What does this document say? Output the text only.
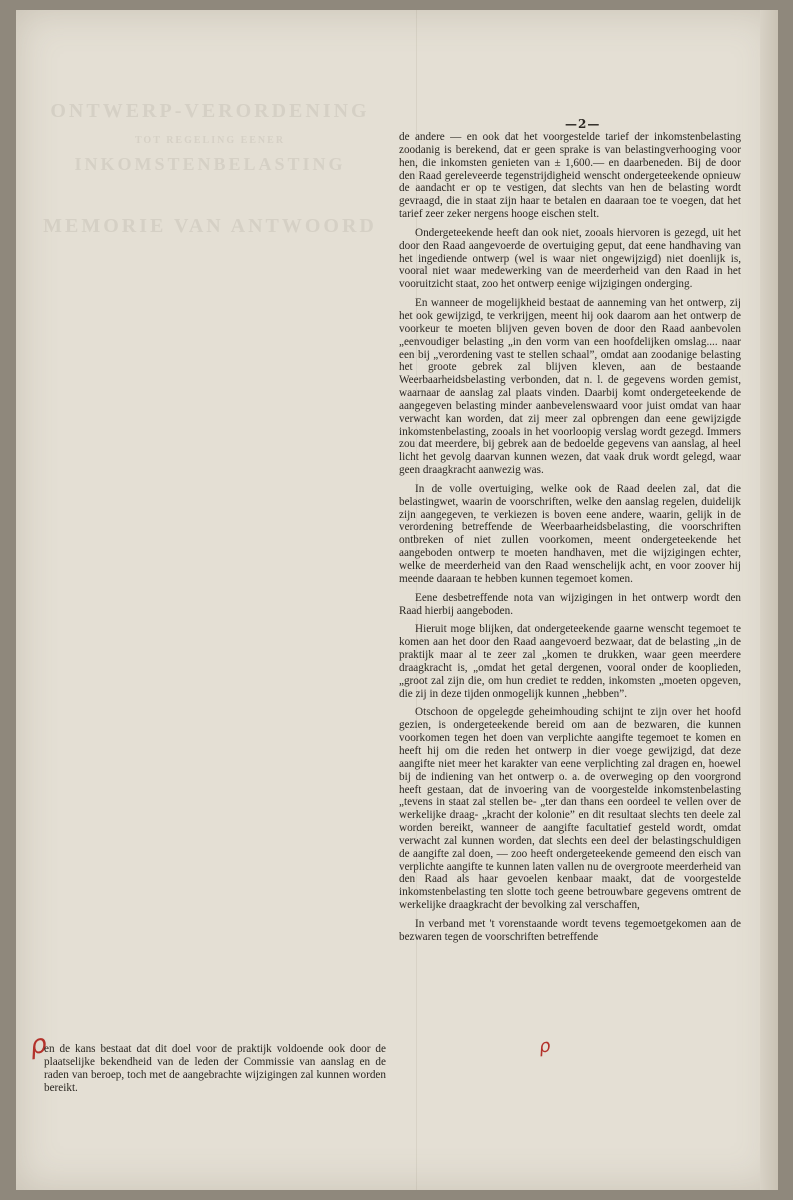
ONTWERP-VERORDENING
TOT REGELING EENER
INKOMSTENBELASTING
MEMORIE VAN ANTWOORD
—2—

de andere — en ook dat het voorgestelde tarief der inkomstenbelasting zoodanig is berekend, dat er geen sprake is van belastingverhooging voor hen, die inkomsten genieten van ± 1,600.— en daarbeneden. Bij de door den Raad gereleveerde tegenstrijdigheid wenscht ondergeteekende opnieuw de aandacht er op te vestigen, dat slechts van hen de belasting wordt gevraagd, die in staat zijn haar te betalen en daaraan toe te voegen, dat het tarief zeer zeker nergens hooge eischen stelt.

Ondergeteekende heeft dan ook niet, zooals hiervoren is gezegd, uit het door den Raad aangevoerde de overtuiging geput, dat eene handhaving van het ingediende ontwerp (wel is waar niet ongewijzigd) niet doenlijk is, vooral niet waar medewerking van de meerderheid van den Raad in het vooruitzicht staat, zoo het ontwerp eenige wijzigingen onderging.

En wanneer de mogelijkheid bestaat de aanneming van het ontwerp, zij het ook gewijzigd, te verkrijgen, meent hij ook daarom aan het ontwerp de voorkeur te moeten blijven geven boven de door den Raad aanbevolen „eenvoudiger belasting „in den vorm van een hoofdelijken omslag.... naar een bij „verordening vast te stellen schaal”, omdat aan zoodanige belasting het groote gebrek zal blijven kleven, aan de bestaande Weerbaarheidsbelasting verbonden, dat n. l. de gegevens worden gemist, waarnaar de aanslag zal plaats vinden. Daarbij komt ondergeteekende de aangegeven belasting minder aanbevelenswaard voor juist omdat van haar verwacht kan worden, dat zij meer zal opbrengen dan eene gewijzigde inkomstenbelasting, zooals in het voorloopig verslag wordt gezegd. Immers zou dat meerdere, bij gebrek aan de bedoelde gegevens van aanslag, al heel licht het gevolg daarvan kunnen wezen, dat vaak druk wordt gelegd, waar geen draagkracht aanwezig was.

In de volle overtuiging, welke ook de Raad deelen zal, dat die belastingwet, waarin de voorschriften, welke den aanslag regelen, duidelijk zijn aangegeven, te verkiezen is boven eene andere, waarin, gelijk in de verordening betreffende de Weerbaarheidsbelasting, die voorschriften ontbreken of niet zullen voorkomen, meent ondergeteekende het aangeboden ontwerp te moeten handhaven, met die wijzigingen echter, welke de meerderheid van den Raad wenschelijk acht, en voor zoover hij meende daaraan te hebben kunnen tegemoet komen.

Eene desbetreffende nota van wijzigingen in het ontwerp wordt den Raad hierbij aangeboden.

Hieruit moge blijken, dat ondergeteekende gaarne wenscht tegemoet te komen aan het door den Raad aangevoerd bezwaar, dat de belasting „in de praktijk maar al te zeer zal „komen te drukken, waar geen meerdere draagkracht is, „omdat het getal dergenen, vooral onder de kooplieden, „groot zal zijn die, om hun crediet te redden, inkomsten „moeten opgeven, die zij in deze tijden onmogelijk kunnen „hebben”.

Otschoon de opgelegde geheimhouding schijnt te zijn over het hoofd gezien, is ondergeteekende bereid om aan de bezwaren, die kunnen voorkomen tegen het doen van verplichte aangifte tegemoet te komen en heeft hij om die reden het ontwerp in dier voege gewijzigd, dat deze aangifte niet meer het karakter van eene verplichting zal dragen en, hoewel bij de indiening van het ontwerp o. a. de overweging op den voorgrond heeft gestaan, dat de invoering van de voorgestelde inkomstenbelasting „tevens in staat zal stellen be- „ter dan thans een oordeel te vellen over de werkelijke draag- „kracht der kolonie” en dit resultaat slechts ten deele zal worden bereikt, wanneer de aangifte facultatief gesteld wordt, omdat verwacht zal kunnen worden, dat slechts een deel der belastingschuldigen de aangifte zal doen, — zoo heeft ondergeteekende gemeend den eisch van verplichte aangifte te kunnen laten vallen nu de overgroote meerderheid van den Raad als haar gevoelen kenbaar maakt, dat de voorgestelde inkomstenbelasting ten slotte toch geene betrouwbare gegevens omtrent de werkelijke draagkracht der bevolking zal verschaffen,

In verband met 't vorenstaande wordt tevens tegemoetgekomen aan de bezwaren tegen de voorschriften betreffende

ρ	ρ
en de kans bestaat dat dit doel voor de praktijk voldoende ook door de plaatselijke bekendheid van de leden der Commissie van aanslag en de raden van beroep, toch met de aangebrachte wijzigingen zal kunnen worden bereikt.
